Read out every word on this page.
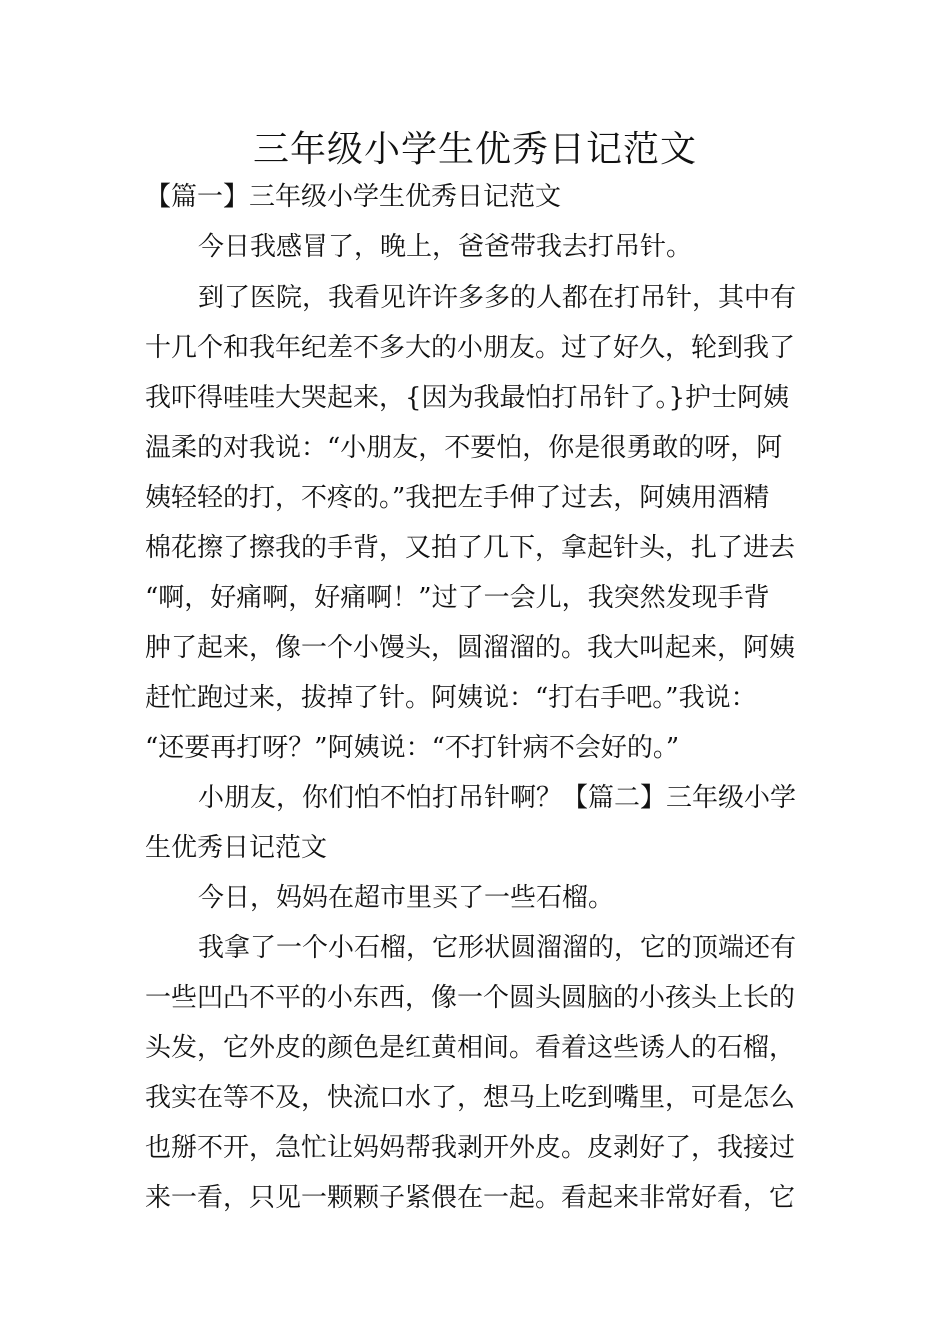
三年级小学生优秀日记范文
【篇一】三年级小学生优秀日记范文
今日我感冒了，晚上，爸爸带我去打吊针。
到了医院，我看见许许多多的人都在打吊针，其中有
十几个和我年纪差不多大的小朋友。过了好久，轮到我了
我吓得哇哇大哭起来，{因为我最怕打吊针了。}护士阿姨
温柔的对我说：“小朋友，不要怕，你是很勇敢的呀，阿
姨轻轻的打，不疼的。”我把左手伸了过去，阿姨用酒精
棉花擦了擦我的手背，又拍了几下，拿起针头，扎了进去
“啊，好痛啊，好痛啊！”过了一会儿，我突然发现手背
肿了起来，像一个小馒头，圆溜溜的。我大叫起来，阿姨
赶忙跑过来，拔掉了针。阿姨说：“打右手吧。”我说：
“还要再打呀？”阿姨说：“不打针病不会好的。”
小朋友，你们怕不怕打吊针啊？【篇二】三年级小学
生优秀日记范文
今日，妈妈在超市里买了一些石榴。
我拿了一个小石榴，它形状圆溜溜的，它的顶端还有
一些凹凸不平的小东西，像一个圆头圆脑的小孩头上长的
头发，它外皮的颜色是红黄相间。看着这些诱人的石榴，
我实在等不及，快流口水了，想马上吃到嘴里，可是怎么
也掰不开，急忙让妈妈帮我剥开外皮。皮剥好了，我接过
来一看，只见一颗颗子紧偎在一起。看起来非常好看，它
